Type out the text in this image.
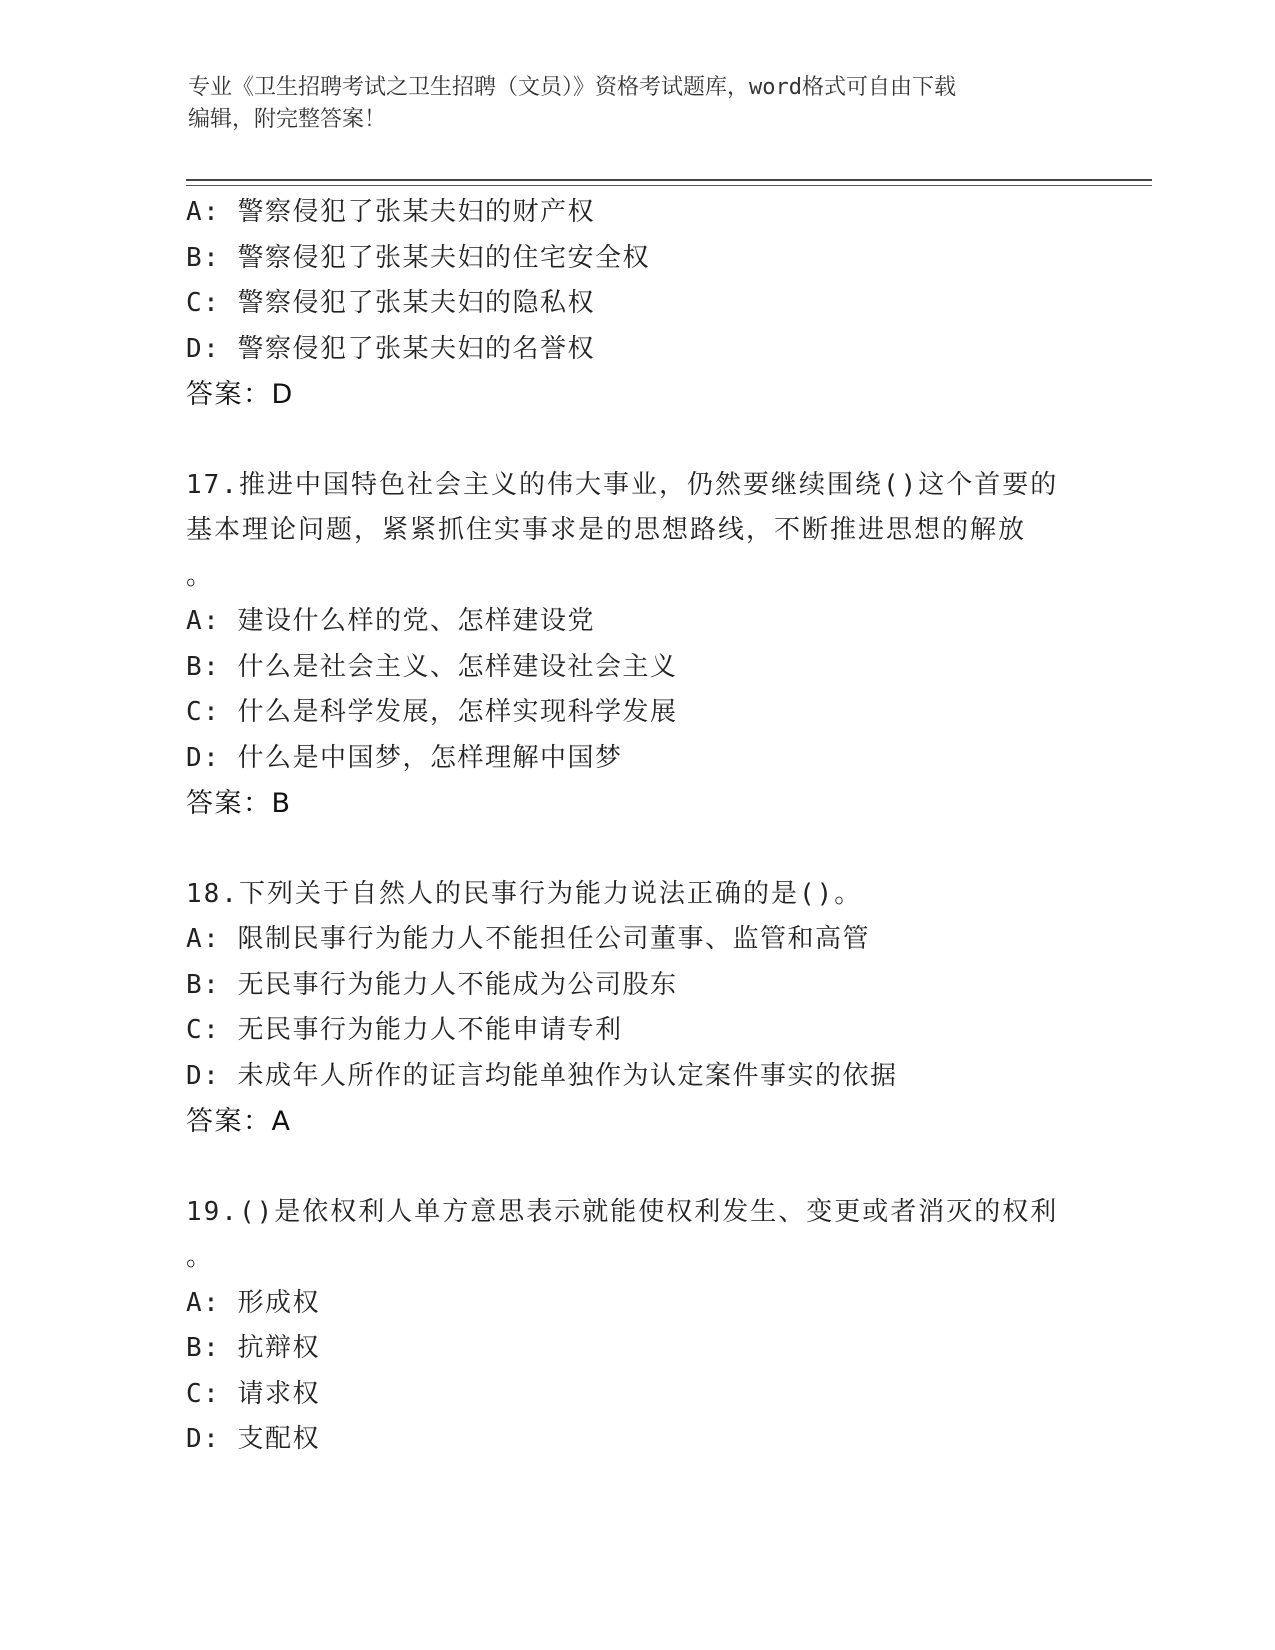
专业《卫生招聘考试之卫生招聘（文员）》资格考试题库，word格式可自由下载
编辑，附完整答案！
A: 警察侵犯了张某夫妇的财产权
B: 警察侵犯了张某夫妇的住宅安全权
C: 警察侵犯了张某夫妇的隐私权
D: 警察侵犯了张某夫妇的名誉权
答案：D
17.推进中国特色社会主义的伟大事业，仍然要继续围绕()这个首要的
基本理论问题，紧紧抓住实事求是的思想路线，不断推进思想的解放
。
A: 建设什么样的党、怎样建设党
B: 什么是社会主义、怎样建设社会主义
C: 什么是科学发展，怎样实现科学发展
D: 什么是中国梦，怎样理解中国梦
答案：B
18.下列关于自然人的民事行为能力说法正确的是()。
A: 限制民事行为能力人不能担任公司董事、监管和高管
B: 无民事行为能力人不能成为公司股东
C: 无民事行为能力人不能申请专利
D: 未成年人所作的证言均能单独作为认定案件事实的依据
答案：A
19.()是依权利人单方意思表示就能使权利发生、变更或者消灭的权利
。
A: 形成权
B: 抗辩权
C: 请求权
D: 支配权
